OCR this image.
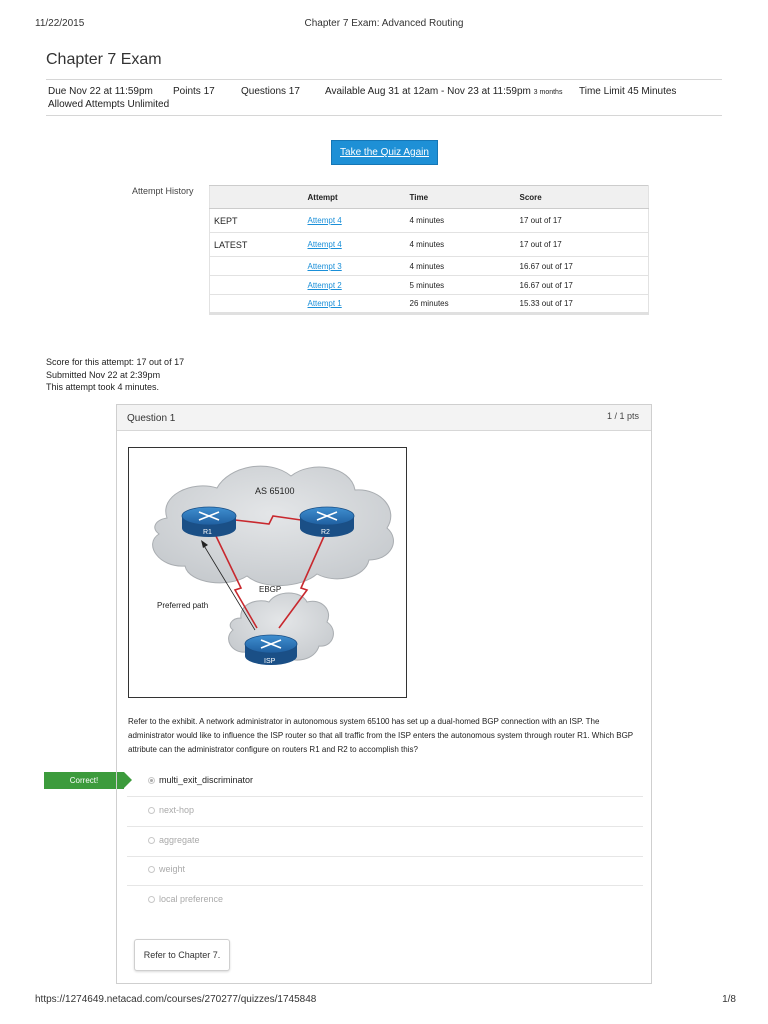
11/22/2015	Chapter 7 Exam: Advanced Routing
Chapter 7 Exam
Due Nov 22 at 11:59pm Points 17	Questions 17	Available Aug 31 at 12am - Nov 23 at 11:59pm 3 months Time Limit 45 Minutes
Allowed Attempts Unlimited
Take the Quiz Again
Attempt History
	Attempt	Time	Score
KEPT	Attempt 4	4 minutes	17 out of 17
LATEST	Attempt 4	4 minutes	17 out of 17
	Attempt 3	4 minutes	16.67 out of 17
	Attempt 2	5 minutes	16.67 out of 17
	Attempt 1	26 minutes	15.33 out of 17
Score for this attempt: 17 out of 17
Submitted Nov 22 at 2:39pm
This attempt took 4 minutes.
Correct!
Question 1	1 / 1 pts
AS 65100
R1	R2
ISP
EBGP
Preferred path
Refer to the exhibit. A network administrator in autonomous system 65100 has set up a dual-homed BGP connection with an ISP. The administrator would like to influence the ISP router so that all traffic from the ISP enters the autonomous system through router R1. Which BGP attribute can the administrator configure on routers R1 and R2 to accomplish this?
multi_exit_discriminator
next-hop
aggregate
weight
local preference
Refer to Chapter 7.
https://1274649.netacad.com/courses/270277/quizzes/1745848	1/8
